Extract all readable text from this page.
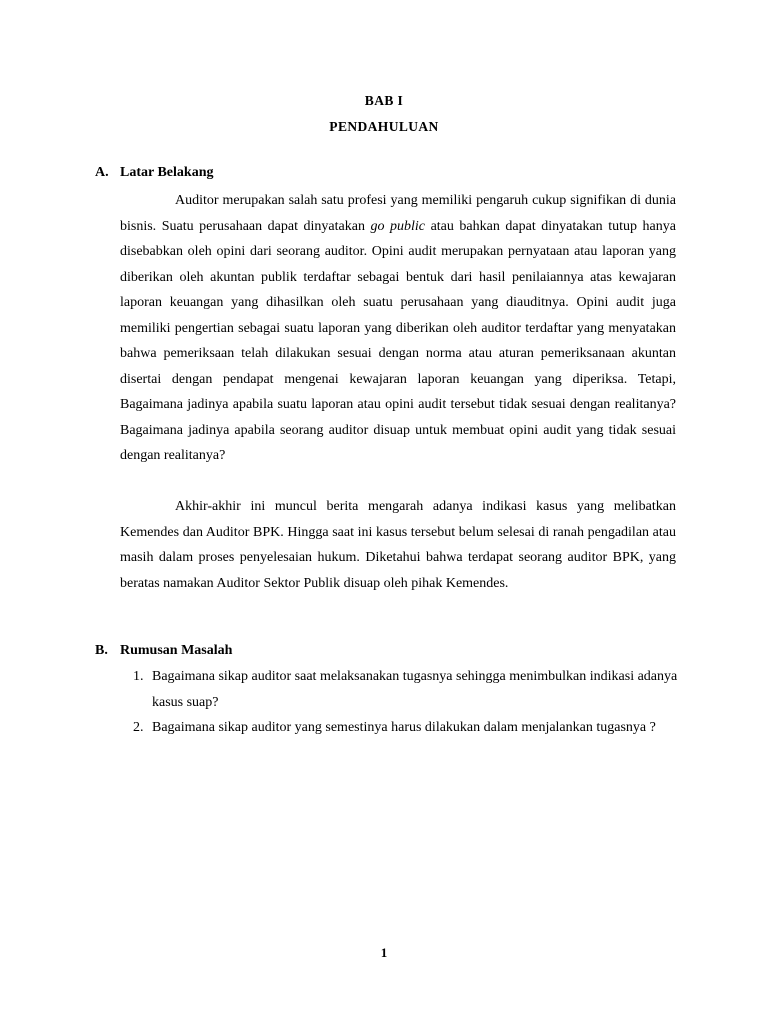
BAB I
PENDAHULUAN
A. Latar Belakang

Auditor merupakan salah satu profesi yang memiliki pengaruh cukup signifikan di dunia bisnis. Suatu perusahaan dapat dinyatakan go public atau bahkan dapat dinyatakan tutup hanya disebabkan oleh opini dari seorang auditor. Opini audit merupakan pernyataan atau laporan yang diberikan oleh akuntan publik terdaftar sebagai bentuk dari hasil penilaiannya atas kewajaran laporan keuangan yang dihasilkan oleh suatu perusahaan yang diauditnya. Opini audit juga memiliki pengertian sebagai suatu laporan yang diberikan oleh auditor terdaftar yang menyatakan bahwa pemeriksaan telah dilakukan sesuai dengan norma atau aturan pemeriksanaan akuntan disertai dengan pendapat mengenai kewajaran laporan keuangan yang diperiksa. Tetapi, Bagaimana jadinya apabila suatu laporan atau opini audit tersebut tidak sesuai dengan realitanya? Bagaimana jadinya apabila seorang auditor disuap untuk membuat opini audit yang tidak sesuai dengan realitanya?

Akhir-akhir ini muncul berita mengarah adanya indikasi kasus yang melibatkan Kemendes dan Auditor BPK. Hingga saat ini kasus tersebut belum selesai di ranah pengadilan atau masih dalam proses penyelesaian hukum. Diketahui bahwa terdapat seorang auditor BPK, yang beratas namakan Auditor Sektor Publik disuap oleh pihak Kemendes.

B. Rumusan Masalah
1. Bagaimana sikap auditor saat melaksanakan tugasnya sehingga menimbulkan indikasi adanya kasus suap?
2. Bagaimana sikap auditor yang semestinya harus dilakukan dalam menjalankan tugasnya ?
1
